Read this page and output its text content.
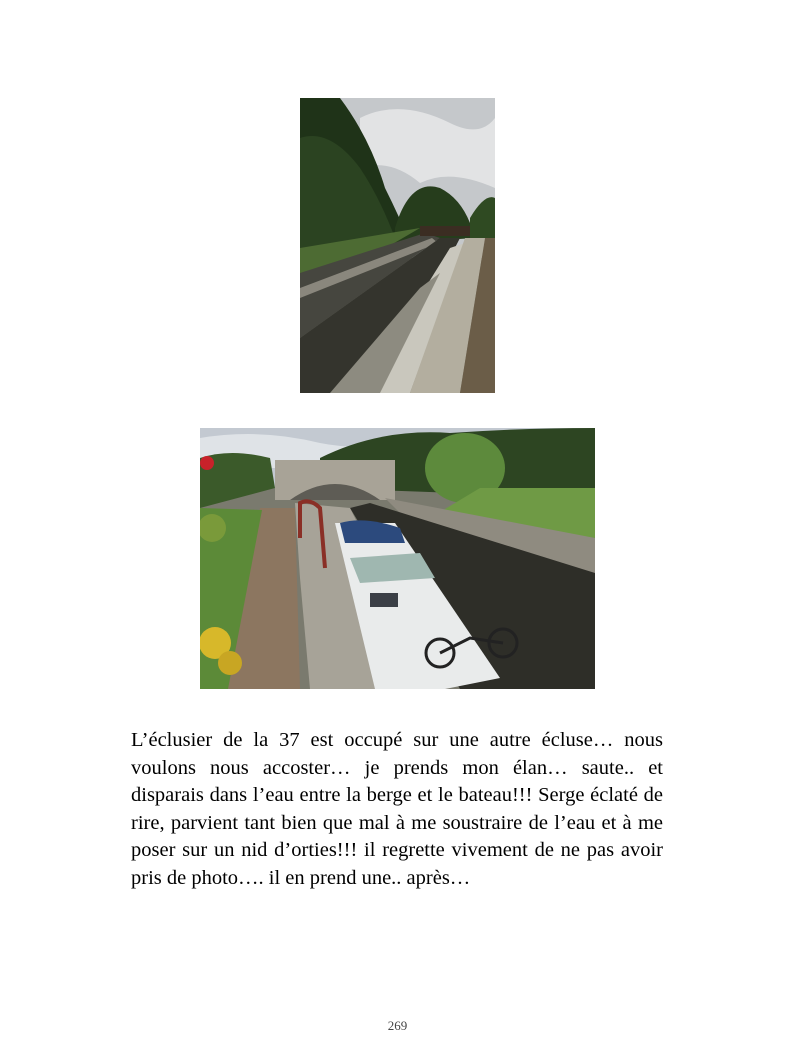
L’éclusier de la 37 est occupé sur une autre écluse… nous voulons nous accoster… je prends mon élan… saute.. et disparais dans l’eau entre la berge et le bateau!!! Serge éclaté de rire, parvient tant bien que mal à me soustraire de l’eau et à me poser sur un nid d’orties!!! il regrette vivement de ne pas avoir pris de photo…. il en prend une.. après…

269
